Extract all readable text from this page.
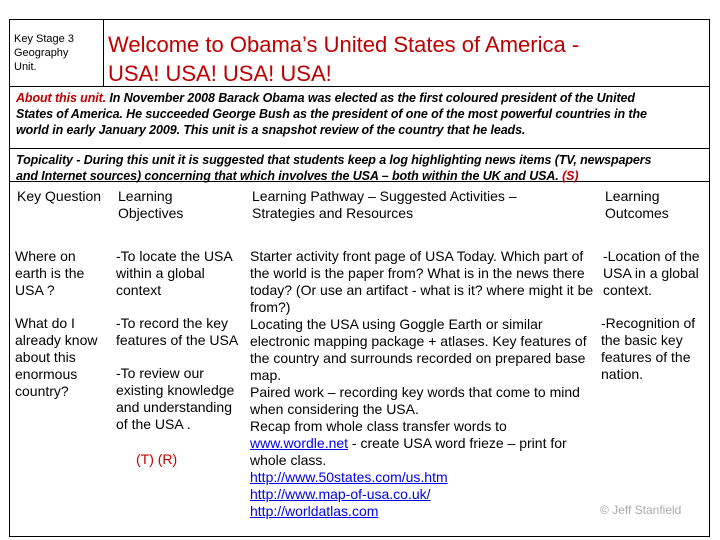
Key Stage 3
Geography
Unit.
Welcome to Obama’s United States of America -
USA! USA! USA! USA!
About this unit. In November 2008 Barack Obama was elected as the first coloured president of the United
States of America. He succeeded George Bush as the president of one of the most powerful countries in the
world in early January 2009. This unit is a snapshot review of the country that he leads.
Topicality - During this unit it is suggested that students keep a log highlighting news items (TV, newspapers
and Internet sources) concerning that which involves the USA – both within the UK and USA. (S)
Key Question Learning
Objectives
Learning Pathway – Suggested Activities –
Strategies and Resources
Learning
Outcomes
Where on
earth is the
USA ?
What do I
already know
about this
enormous
country?
-To locate the USA
within a global
context
-To record the key
features of the USA
-To review our
existing knowledge
and understanding
of the USA .
(T) (R)
Starter activity front page of USA Today. Which part of
the world is the paper from? What is in the news there
today? (Or use an artifact - what is it? where might it be
from?)
Locating the USA using Goggle Earth or similar
electronic mapping package + atlases. Key features of
the country and surrounds recorded on prepared base
map.
Paired work – recording key words that come to mind
when considering the USA.
Recap from whole class transfer words to
www.wordle.net - create USA word frieze – print for
whole class.
http://www.50states.com/us.htm
http://www.map-of-usa.co.uk/
http://worldatlas.com
-Location of the
USA in a global
context.
-Recognition of
the basic key
features of the
nation.
© Jeff Stanfield
